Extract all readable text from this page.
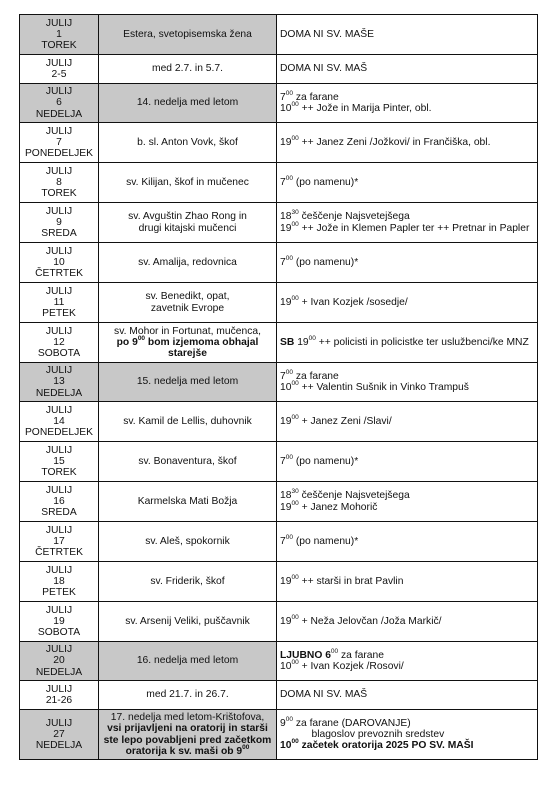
JULIJ
1
TOREK	Estera, svetopisemska žena	DOMA NI SV. MAŠE

JULIJ
2-5	med 2.7. in 5.7.	DOMA NI SV. MAŠ

JULIJ
6
NEDELJA	14. nedelja med letom	$7^{00}$ za farane
$10^{00}$ ++ Jože in Marija Pinter, obl.

JULIJ
7
PONEDELJEK	b. sl. Anton Vovk, škof	$19^{00}$ ++ Janez Zeni /Jožkovi/ in Frančiška, obl.

JULIJ
8
TOREK	sv. Kilijan, škof in mučenec	$7^{00}$ (po namenu)*

JULIJ
9
SREDA	sv. Avguštin Zhao Rong in
drugi kitajski mučenci	$18^{30}$ češčenje Najsvetejšega
$19^{00}$ ++ Jože in Klemen Papler ter ++ Pretnar in Papler

JULIJ
10
ČETRTEK	sv. Amalija, redovnica	$7^{00}$ (po namenu)*

JULIJ
11
PETEK	sv. Benedikt, opat,
zavetnik Evrope	$19^{00}$ + Ivan Kozjek /sosedje/

JULIJ
12
SOBOTA	sv. Mohor in Fortunat, mučenca,
po $9^{00}$ bom izjemoma obhajal
starejše	SB $19^{00}$ ++ policisti in policistke ter uslužbenci/ke MNZ

JULIJ
13
NEDELJA	15. nedelja med letom	$7^{00}$ za farane
$10^{00}$ ++ Valentin Sušnik in Vinko Trampuš

JULIJ
14
PONEDELJEK	sv. Kamil de Lellis, duhovnik	$19^{00}$ + Janez Zeni /Slavi/

JULIJ
15
TOREK	sv. Bonaventura, škof	$7^{00}$ (po namenu)*

JULIJ
16
SREDA	Karmelska Mati Božja	$18^{30}$ češčenje Najsvetejšega
$19^{00}$ + Janez Mohorič

JULIJ
17
ČETRTEK	sv. Aleš, spokornik	$7^{00}$ (po namenu)*

JULIJ
18
PETEK	sv. Friderik, škof	$19^{00}$ ++ starši in brat Pavlin

JULIJ
19
SOBOTA	sv. Arsenij Veliki, puščavnik	$19^{00}$ + Neža Jelovčan /Joža Markič/

JULIJ
20
NEDELJA	16. nedelja med letom	LJUBNO $6^{00}$ za farane
$10^{00}$ + Ivan Kozjek /Rosovi/

JULIJ
21-26	med 21.7. in 26.7.	DOMA NI SV. MAŠ

JULIJ
27
NEDELJA	17. nedelja med letom-Krištofova,
vsi prijavljeni na oratorij in starši
ste lepo povabljeni pred začetkom
oratorija k sv. maši ob $9^{00}$	$9^{00}$ za farane (DAROVANJE)
blagoslov prevoznih sredstev
$10^{00}$ začetek oratorija 2025 PO SV. MAŠI
